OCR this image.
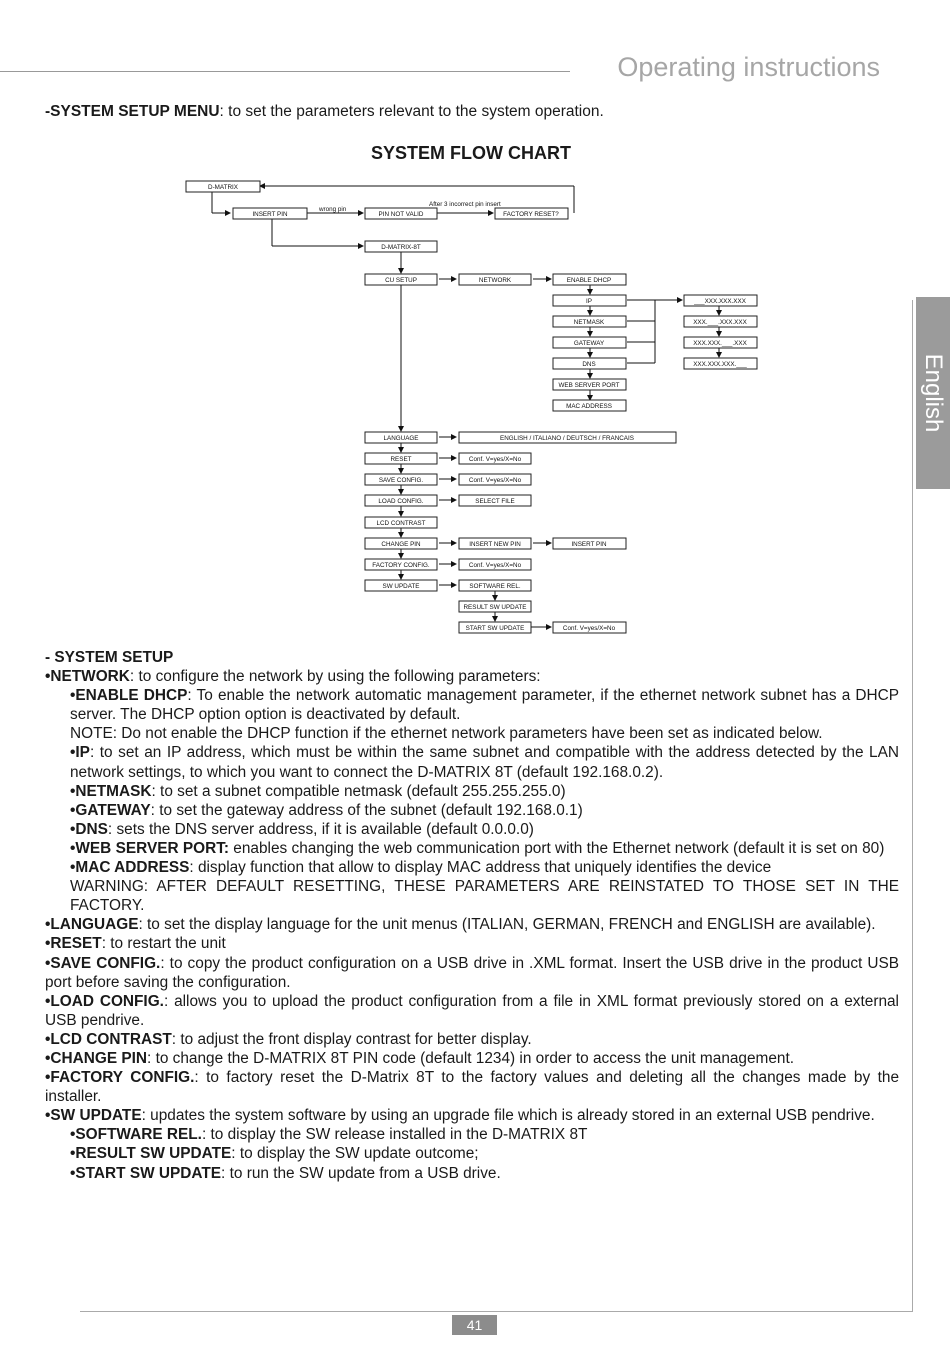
Operating instructions
English
41
-SYSTEM SETUP MENU: to set the parameters relevant to the system operation.
SYSTEM FLOW CHART
wrong pin
After 3 incorrect pin insert
D-MATRIX
INSERT PIN	PIN NOT VALID	FACTORY RESET?
D-MATRIX-8T
CU SETUP	NETWORK	ENABLE DHCP
IP
NETMASK
GATEWAY
DNS
WEB SERVER PORT
MAC ADDRESS
___XXX.XXX.XXX
XXX.___.XXX.XXX
XXX.XXX.___.XXX
XXX.XXX.XXX.___
LANGUAGE	ENGLISH / ITALIANO / DEUTSCH / FRANCAIS
RESET	Conf. V=yes/X=No
SAVE CONFIG.	Conf. V=yes/X=No
LOAD CONFIG.	SELECT FILE
LCD CONTRAST
CHANGE PIN	INSERT NEW PIN	INSERT PIN
FACTORY CONFIG.	Conf. V=yes/X=No
SW UPDATE	SOFTWARE REL.
RESULT SW UPDATE
START SW UPDATE	Conf. V=yes/X=No

- SYSTEM SETUP

•NETWORK: to configure the network by using the following parameters:

•ENABLE DHCP: To enable the network automatic management parameter, if the ethernet network subnet has a DHCP server. The DHCP option option is deactivated by default.

NOTE: Do not enable the DHCP function if the ethernet network parameters have been set as indicated below.

•IP: to set an IP address, which must be within the same subnet and compatible with the address detected by the LAN network settings, to which you want to connect the D-MATRIX 8T (default 192.168.0.2).

•NETMASK: to set a subnet compatible netmask (default 255.255.255.0)

•GATEWAY: to set the gateway address of the subnet (default 192.168.0.1)

•DNS: sets the DNS server address, if it is available (default 0.0.0.0)

•WEB SERVER PORT: enables changing the web communication port with the Ethernet network (default it is set on 80)

•MAC ADDRESS: display function that allow to display MAC address that uniquely identifies the device

WARNING: AFTER DEFAULT RESETTING, THESE PARAMETERS ARE REINSTATED TO THOSE SET IN THE FACTORY.

•LANGUAGE: to set the display language for the unit menus (ITALIAN, GERMAN, FRENCH and ENGLISH are available).

•RESET: to restart the unit

•SAVE CONFIG.: to copy the product configuration on a USB drive in .XML format. Insert the USB drive in the product USB port before saving the configuration.

•LOAD CONFIG.: allows you to upload the product configuration from a file in XML format previously stored on a external USB pendrive.

•LCD CONTRAST: to adjust the front display contrast for better display.

•CHANGE PIN: to change the D-MATRIX 8T PIN code (default 1234) in order to access the unit management.

•FACTORY CONFIG.: to factory reset the D-Matrix 8T to the factory values and deleting all the changes made by the installer.

•SW UPDATE: updates the system software by using an upgrade file which is already stored in an external USB pendrive.

•SOFTWARE REL.: to display the SW release installed in the D-MATRIX 8T

•RESULT SW UPDATE: to display the SW update outcome;

•START SW UPDATE: to run the SW update from a USB drive.
